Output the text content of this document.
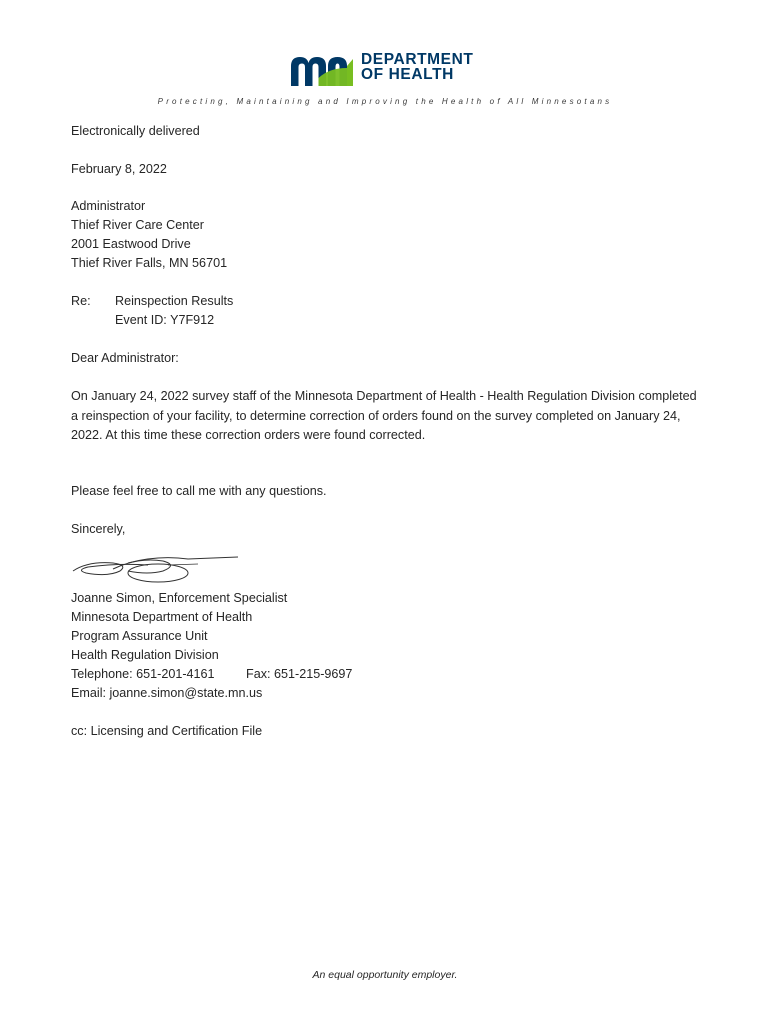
DEPARTMENT
OF HEALTH
Protecting, Maintaining and Improving the Health of All Minnesotans
Electronically delivered
February 8, 2022
Administrator
Thief River Care Center
2001 Eastwood Drive
Thief River Falls, MN 56701
Re: Reinspection Results
Event ID: Y7F912
Dear Administrator:
On January 24, 2022 survey staff of the Minnesota Department of Health - Health Regulation Division completed a reinspection of your facility, to determine correction of orders found on the survey completed on January 24, 2022. At this time these correction orders were found corrected.
Please feel free to call me with any questions.
Sincerely,
Joanne Simon, Enforcement Specialist
Minnesota Department of Health
Program Assurance Unit
Health Regulation Division
Telephone: 651-201-4161 Fax: 651-215-9697
Email: joanne.simon@state.mn.us
cc: Licensing and Certification File
An equal opportunity employer.
